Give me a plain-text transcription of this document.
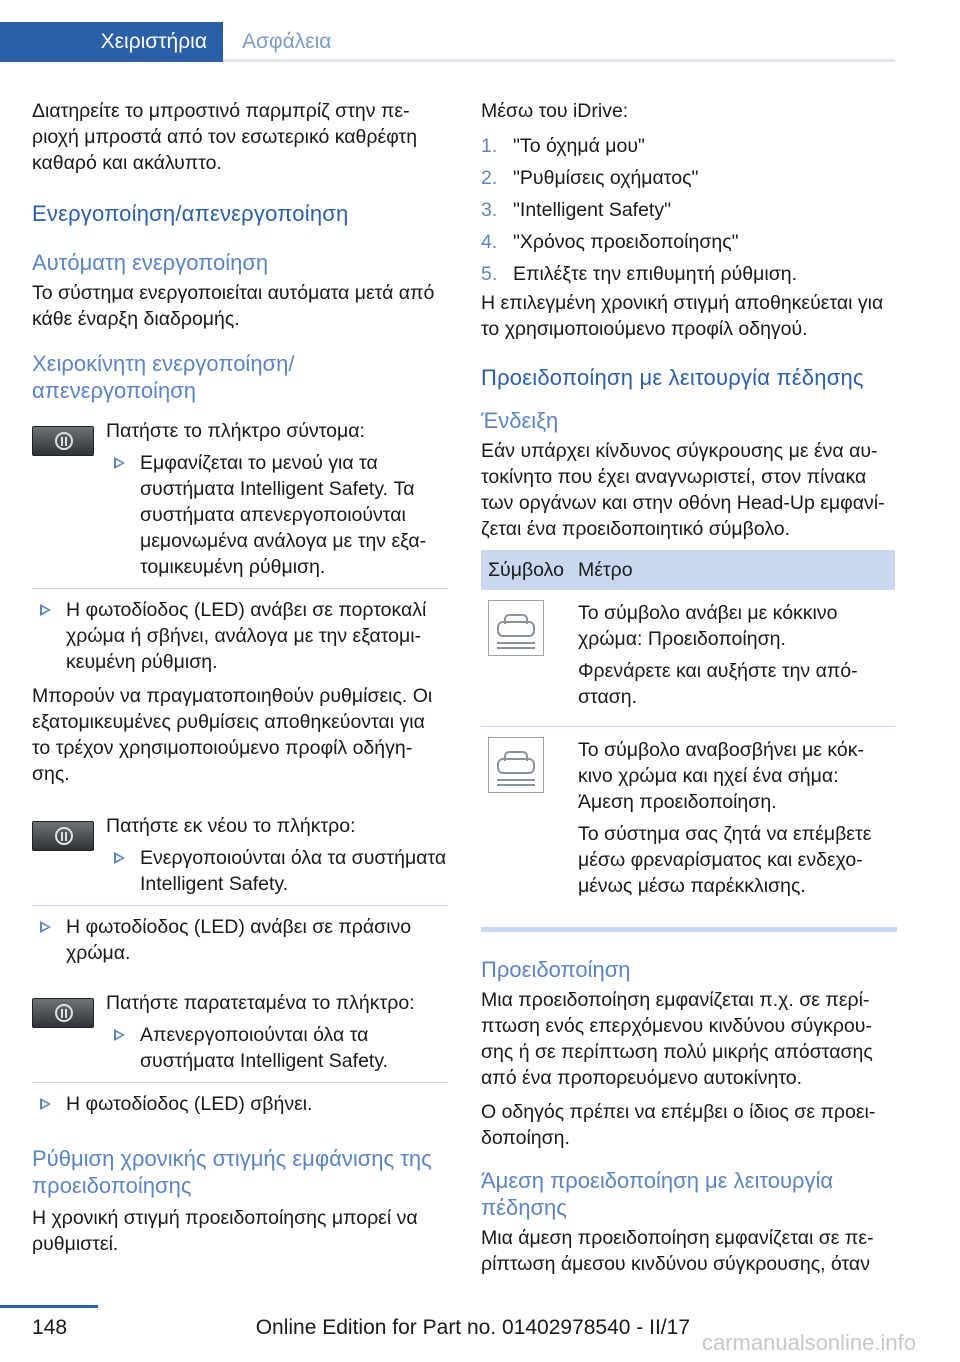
Χειριστήρια	Ασφάλεια

Διατηρείτε το μπροστινό παρμπρίζ στην πε- ριοχή μπροστά από τον εσωτερικό καθρέφτη καθαρό και ακάλυπτο.

Ενεργοποίηση/απενεργοποίηση
Αυτόματη ενεργοποίηση

Το σύστημα ενεργοποιείται αυτόματα μετά από κάθε έναρξη διαδρομής.

Χειροκίνητη ενεργοποίηση/ απενεργοποίηση

Πατήστε το πλήκτρο σύντομα:

Εμφανίζεται το μενού για τα συστήματα Intelligent Safety. Τα συστήματα απενεργοποιούνται μεμονωμένα ανάλογα με την εξα- τομικευμένη ρύθμιση.
Η φωτοδίοδος (LED) ανάβει σε πορτοκαλί χρώμα ή σβήνει, ανάλογα με την εξατομι- κευμένη ρύθμιση.

Μπορούν να πραγματοποιηθούν ρυθμίσεις. Οι εξατομικευμένες ρυθμίσεις αποθηκεύονται για το τρέχον χρησιμοποιούμενο προφίλ οδήγη- σης.

Πατήστε εκ νέου το πλήκτρο:

Ενεργοποιούνται όλα τα συστήματα Intelligent Safety.
Η φωτοδίοδος (LED) ανάβει σε πράσινο χρώμα.

Πατήστε παρατεταμένα το πλήκτρο:

Απενεργοποιούνται όλα τα συστήματα Intelligent Safety.
Η φωτοδίοδος (LED) σβήνει.
Ρύθμιση χρονικής στιγμής εμφάνισης της προειδοποίησης

Η χρονική στιγμή προειδοποίησης μπορεί να ρυθμιστεί.

Μέσω του iDrive:

1. "Το όχημά μου"
2. "Ρυθμίσεις οχήματος"
3. "Intelligent Safety"
4. "Χρόνος προειδοποίησης"
5. Επιλέξτε την επιθυμητή ρύθμιση.

Η επιλεγμένη χρονική στιγμή αποθηκεύεται για το χρησιμοποιούμενο προφίλ οδηγού.

Προειδοποίηση με λειτουργία πέδησης
Ένδειξη

Εάν υπάρχει κίνδυνος σύγκρουσης με ένα αυ- τοκίνητο που έχει αναγνωριστεί, στον πίνακα των οργάνων και στην οθόνη Head-Up εμφανί- ζεται ένα προειδοποιητικό σύμβολο.

Σύμβολο	Μέτρο

	Το σύμβολο ανάβει με κόκκινο χρώμα: Προειδοποίηση.

Φρενάρετε και αυξήστε την από- σταση.

	Το σύμβολο αναβοσβήνει με κόκ- κινο χρώμα και ηχεί ένα σήμα: Άμεση προειδοποίηση.

Το σύστημα σας ζητά να επέμβετε μέσω φρεναρίσματος και ενδεχο- μένως μέσω παρέκκλισης.

Προειδοποίηση

Μια προειδοποίηση εμφανίζεται π.χ. σε περί- πτωση ενός επερχόμενου κινδύνου σύγκρου- σης ή σε περίπτωση πολύ μικρής απόστασης από ένα προπορευόμενο αυτοκίνητο.

Ο οδηγός πρέπει να επέμβει ο ίδιος σε προει- δοποίηση.

Άμεση προειδοποίηση με λειτουργία πέδησης

Μια άμεση προειδοποίηση εμφανίζεται σε πε- ρίπτωση άμεσου κινδύνου σύγκρουσης, όταν

148	Online Edition for Part no. 01402978540 - II/17
carmanualsonline.info
